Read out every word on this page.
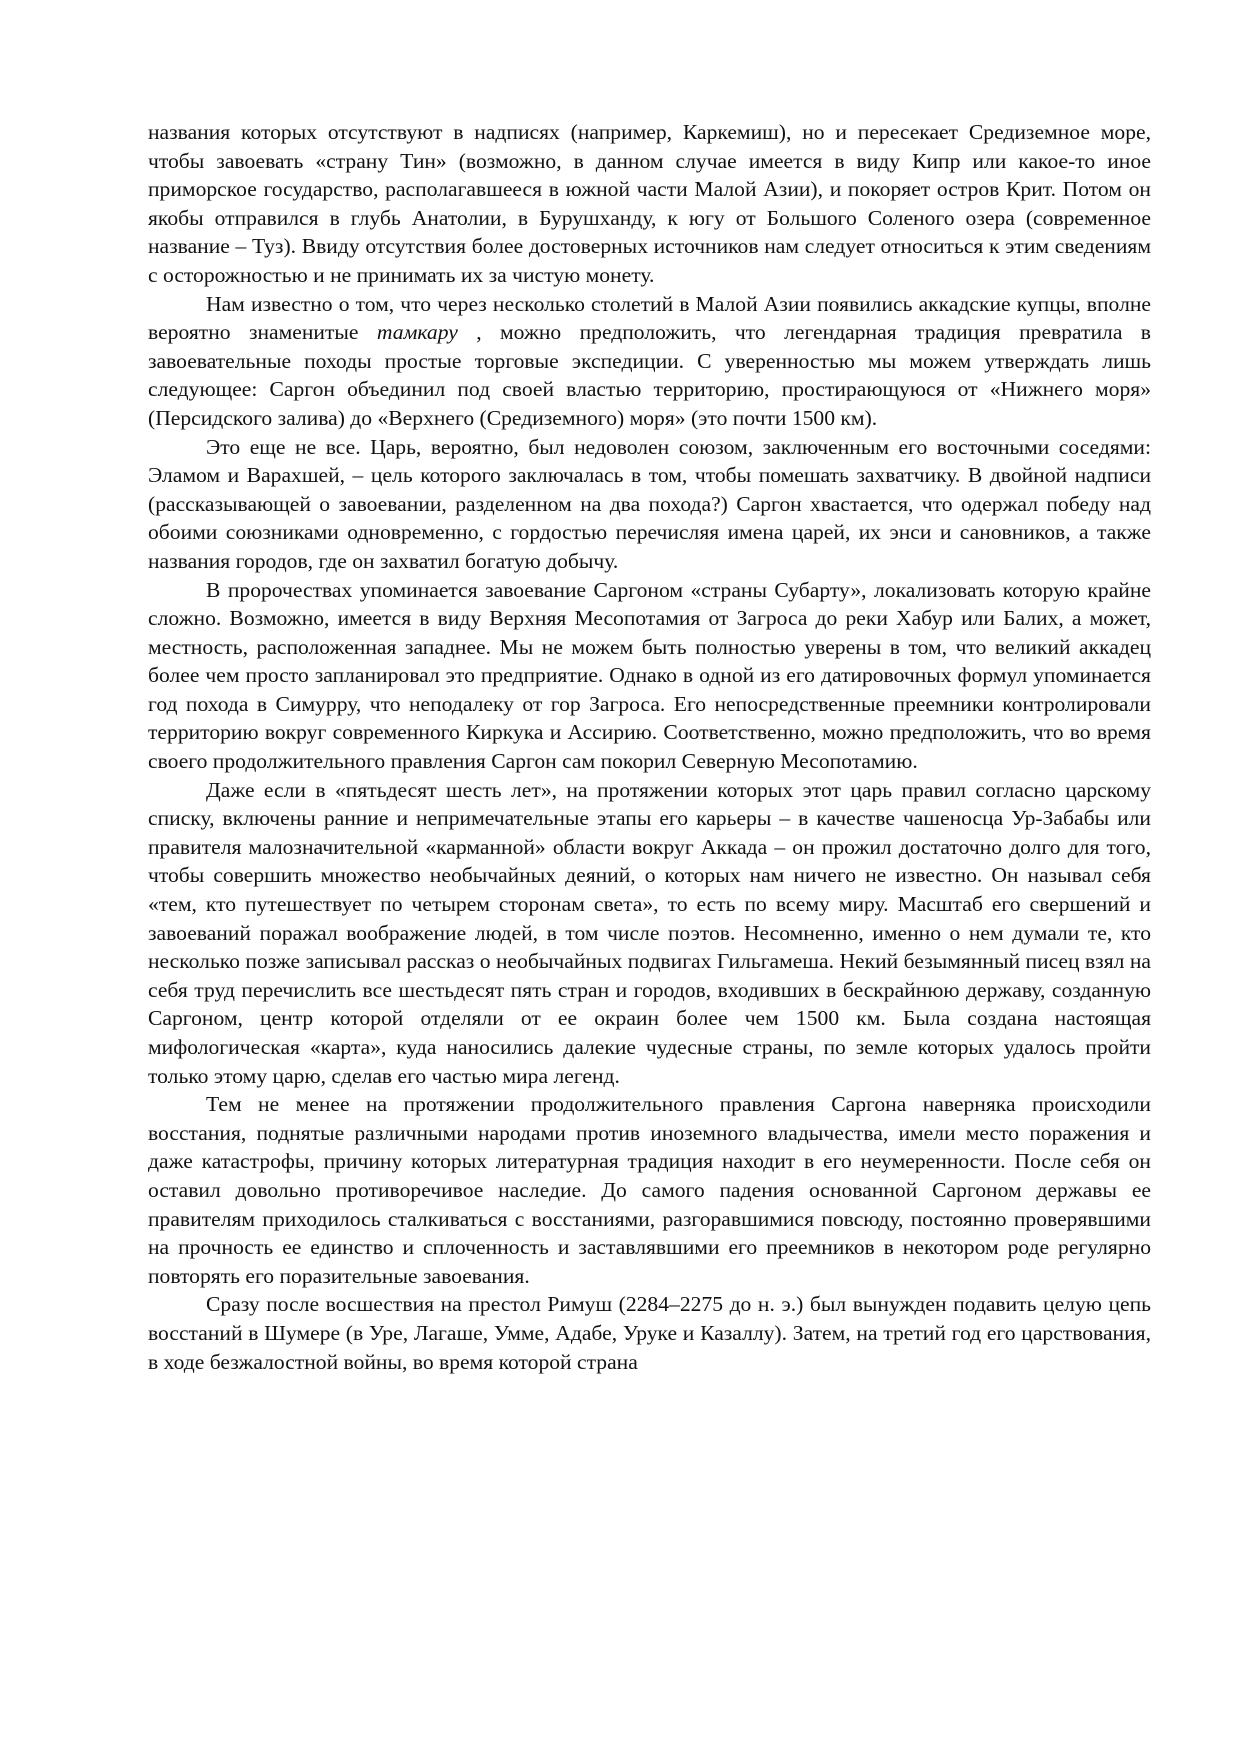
названия которых отсутствуют в надписях (например, Каркемиш), но и пересекает Средиземное море, чтобы завоевать «страну Тин» (возможно, в данном случае имеется в виду Кипр или какое-то иное приморское государство, располагавшееся в южной части Малой Азии), и покоряет остров Крит. Потом он якобы отправился в глубь Анатолии, в Бурушханду, к югу от Большого Соленого озера (современное название – Туз). Ввиду отсутствия более достоверных источников нам следует относиться к этим сведениям с осторожностью и не принимать их за чистую монету.

Нам известно о том, что через несколько столетий в Малой Азии появились аккадские купцы, вполне вероятно знаменитые тамкару , можно предположить, что легендарная традиция превратила в завоевательные походы простые торговые экспедиции. С уверенностью мы можем утверждать лишь следующее: Саргон объединил под своей властью территорию, простирающуюся от «Нижнего моря» (Персидского залива) до «Верхнего (Средиземного) моря» (это почти 1500 км).

Это еще не все. Царь, вероятно, был недоволен союзом, заключенным его восточными соседями: Эламом и Варахшей, – цель которого заключалась в том, чтобы помешать захватчику. В двойной надписи (рассказывающей о завоевании, разделенном на два похода?) Саргон хвастается, что одержал победу над обоими союзниками одновременно, с гордостью перечисляя имена царей, их энси и сановников, а также названия городов, где он захватил богатую добычу.

В пророчествах упоминается завоевание Саргоном «страны Субарту», локализовать которую крайне сложно. Возможно, имеется в виду Верхняя Месопотамия от Загроса до реки Хабур или Балих, а может, местность, расположенная западнее. Мы не можем быть полностью уверены в том, что великий аккадец более чем просто запланировал это предприятие. Однако в одной из его датировочных формул упоминается год похода в Симурру, что неподалеку от гор Загроса. Его непосредственные преемники контролировали территорию вокруг современного Киркука и Ассирию. Соответственно, можно предположить, что во время своего продолжительного правления Саргон сам покорил Северную Месопотамию.

Даже если в «пятьдесят шесть лет», на протяжении которых этот царь правил согласно царскому списку, включены ранние и непримечательные этапы его карьеры – в качестве чашеносца Ур-Забабы или правителя малозначительной «карманной» области вокруг Аккада – он прожил достаточно долго для того, чтобы совершить множество необычайных деяний, о которых нам ничего не известно. Он называл себя «тем, кто путешествует по четырем сторонам света», то есть по всему миру. Масштаб его свершений и завоеваний поражал воображение людей, в том числе поэтов. Несомненно, именно о нем думали те, кто несколько позже записывал рассказ о необычайных подвигах Гильгамеша. Некий безымянный писец взял на себя труд перечислить все шестьдесят пять стран и городов, входивших в бескрайнюю державу, созданную Саргоном, центр которой отделяли от ее окраин более чем 1500 км. Была создана настоящая мифологическая «карта», куда наносились далекие чудесные страны, по земле которых удалось пройти только этому царю, сделав его частью мира легенд.

Тем не менее на протяжении продолжительного правления Саргона наверняка происходили восстания, поднятые различными народами против иноземного владычества, имели место поражения и даже катастрофы, причину которых литературная традиция находит в его неумеренности. После себя он оставил довольно противоречивое наследие. До самого падения основанной Саргоном державы ее правителям приходилось сталкиваться с восстаниями, разгоравшимися повсюду, постоянно проверявшими на прочность ее единство и сплоченность и заставлявшими его преемников в некотором роде регулярно повторять его поразительные завоевания.

Сразу после восшествия на престол Римуш (2284–2275 до н. э.) был вынужден подавить целую цепь восстаний в Шумере (в Уре, Лагаше, Умме, Адабе, Уруке и Казаллу). Затем, на третий год его царствования, в ходе безжалостной войны, во время которой страна
